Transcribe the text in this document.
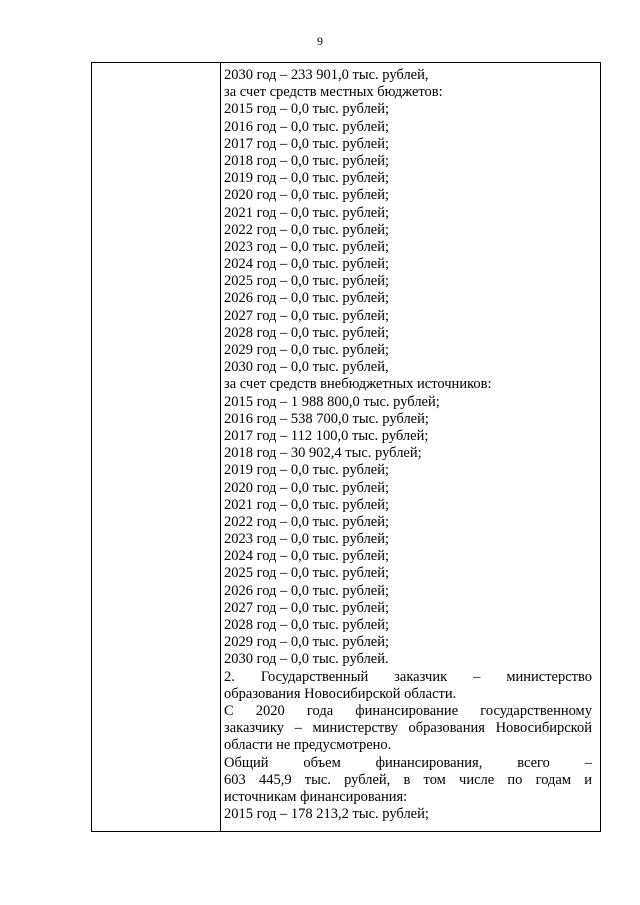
9
2030 год – 233 901,0 тыс. рублей,
за счет средств местных бюджетов:
2015 год – 0,0 тыс. рублей;
2016 год – 0,0 тыс. рублей;
2017 год – 0,0 тыс. рублей;
2018 год – 0,0 тыс. рублей;
2019 год – 0,0 тыс. рублей;
2020 год – 0,0 тыс. рублей;
2021 год – 0,0 тыс. рублей;
2022 год – 0,0 тыс. рублей;
2023 год – 0,0 тыс. рублей;
2024 год – 0,0 тыс. рублей;
2025 год – 0,0 тыс. рублей;
2026 год – 0,0 тыс. рублей;
2027 год – 0,0 тыс. рублей;
2028 год – 0,0 тыс. рублей;
2029 год – 0,0 тыс. рублей;
2030 год – 0,0 тыс. рублей,
за счет средств внебюджетных источников:
2015 год – 1 988 800,0 тыс. рублей;
2016 год – 538 700,0 тыс. рублей;
2017 год – 112 100,0 тыс. рублей;
2018 год – 30 902,4 тыс. рублей;
2019 год – 0,0 тыс. рублей;
2020 год – 0,0 тыс. рублей;
2021 год – 0,0 тыс. рублей;
2022 год – 0,0 тыс. рублей;
2023 год – 0,0 тыс. рублей;
2024 год – 0,0 тыс. рублей;
2025 год – 0,0 тыс. рублей;
2026 год – 0,0 тыс. рублей;
2027 год – 0,0 тыс. рублей;
2028 год – 0,0 тыс. рублей;
2029 год – 0,0 тыс. рублей;
2030 год – 0,0 тыс. рублей.
2. Государственный заказчик – министерство
образования Новосибирской области.
С 2020 года финансирование государственному
заказчику – министерству образования Новосибирской
области не предусмотрено.
Общий объем финансирования, всего –
603 445,9 тыс. рублей, в том числе по годам и
источникам финансирования:
2015 год – 178 213,2 тыс. рублей;
